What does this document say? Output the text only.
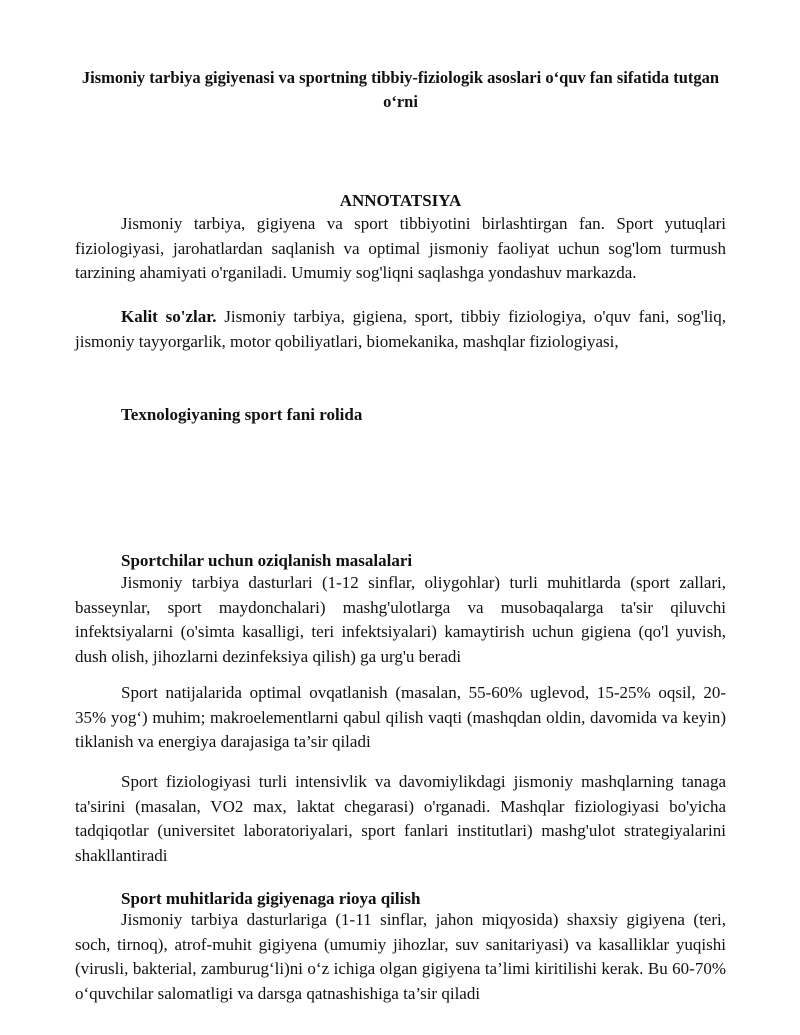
Jismoniy tarbiya gigiyenasi va sportning tibbiy-fiziologik asoslari o‘quv fan sifatida tutgan o‘rni
ANNOTATSIYA

Jismoniy tarbiya, gigiyena va sport tibbiyotini birlashtirgan fan. Sport yutuqlari fiziologiyasi, jarohatlardan saqlanish va optimal jismoniy faoliyat uchun sog'lom turmush tarzining ahamiyati o'rganiladi. Umumiy sog'liqni saqlashga yondashuv markazda.

Kalit so'zlar. Jismoniy tarbiya, gigiena, sport, tibbiy fiziologiya, o'quv fani, sog'liq, jismoniy tayyorgarlik, motor qobiliyatlari, biomekanika, mashqlar fiziologiyasi,

Texnologiyaning sport fani rolida
Sportchilar uchun oziqlanish masalalari

Jismoniy tarbiya dasturlari (1-12 sinflar, oliygohlar) turli muhitlarda (sport zallari, basseynlar, sport maydonchalari) mashg'ulotlarga va musobaqalarga ta'sir qiluvchi infektsiyalarni (o'simta kasalligi, teri infektsiyalari) kamaytirish uchun gigiena (qo'l yuvish, dush olish, jihozlarni dezinfeksiya qilish) ga urg'u beradi

Sport natijalarida optimal ovqatlanish (masalan, 55-60% uglevod, 15-25% oqsil, 20-35% yog‘) muhim; makroelementlarni qabul qilish vaqti (mashqdan oldin, davomida va keyin) tiklanish va energiya darajasiga ta’sir qiladi

Sport fiziologiyasi turli intensivlik va davomiylikdagi jismoniy mashqlarning tanaga ta'sirini (masalan, VO2 max, laktat chegarasi) o'rganadi. Mashqlar fiziologiyasi bo'yicha tadqiqotlar (universitet laboratoriyalari, sport fanlari institutlari) mashg'ulot strategiyalarini shakllantiradi

Sport muhitlarida gigiyenaga rioya qilish

Jismoniy tarbiya dasturlariga (1-11 sinflar, jahon miqyosida) shaxsiy gigiyena (teri, soch, tirnoq), atrof-muhit gigiyena (umumiy jihozlar, suv sanitariyasi) va kasalliklar yuqishi (virusli, bakterial, zamburug‘li)ni o‘z ichiga olgan gigiyena ta’limi kiritilishi kerak. Bu 60-70% o‘quvchilar salomatligi va darsga qatnashishiga ta’sir qiladi
